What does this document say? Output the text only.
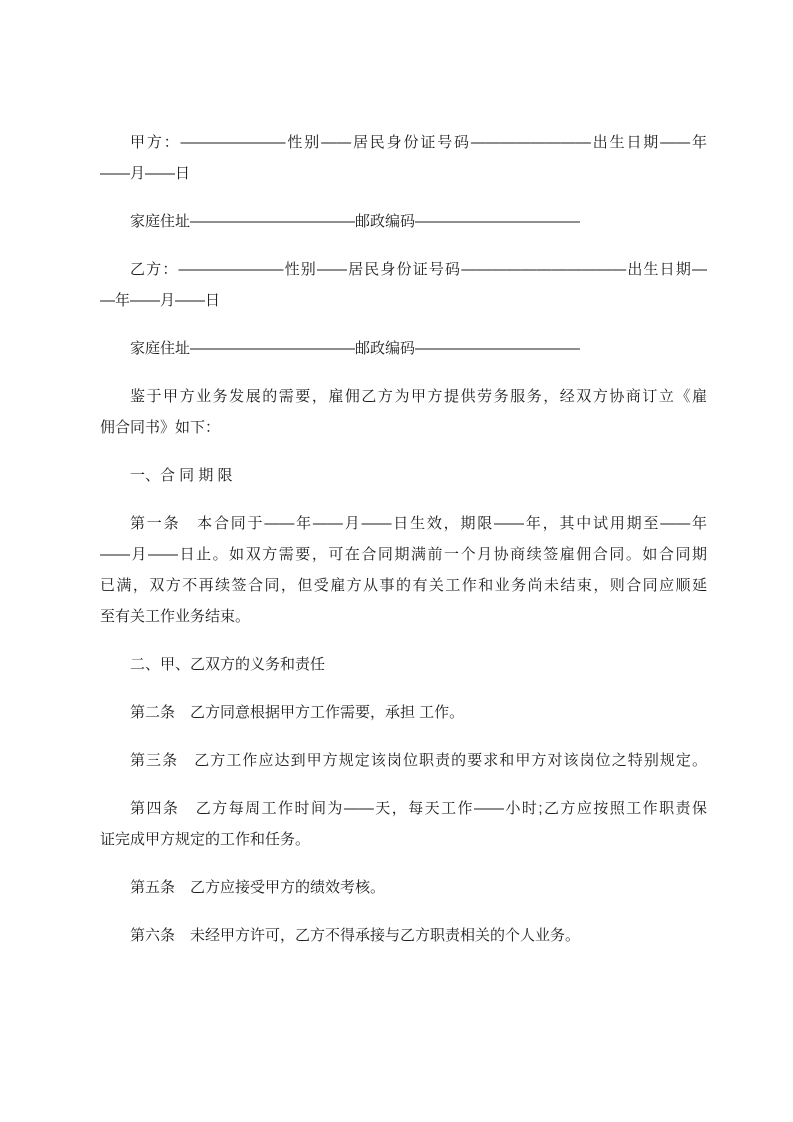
甲方：———————性别——居民身份证号码————————出生日期——年
——月——日
家庭住址———————————邮政编码———————————
乙方：———————性别——居民身份证号码———————————出生日期—
—年——月——日
家庭住址———————————邮政编码———————————
鉴于甲方业务发展的需要，雇佣乙方为甲方提供劳务服务，经双方协商订立《雇
佣合同书》如下：
一、合 同 期 限
第一条　本合同于——年——月——日生效，期限——年，其中试用期至——年
——月——日止。如双方需要，可在合同期满前一个月协商续签雇佣合同。如合同期
已满，双方不再续签合同，但受雇方从事的有关工作和业务尚未结束，则合同应顺延
至有关工作业务结束。
二、甲、乙双方的义务和责任
第二条　乙方同意根据甲方工作需要，承担 工作。
第三条　乙方工作应达到甲方规定该岗位职责的要求和甲方对该岗位之特别规定。
第四条　乙方每周工作时间为——天，每天工作——小时;乙方应按照工作职责保
证完成甲方规定的工作和任务。
第五条　乙方应接受甲方的绩效考核。
第六条　未经甲方许可，乙方不得承接与乙方职责相关的个人业务。
